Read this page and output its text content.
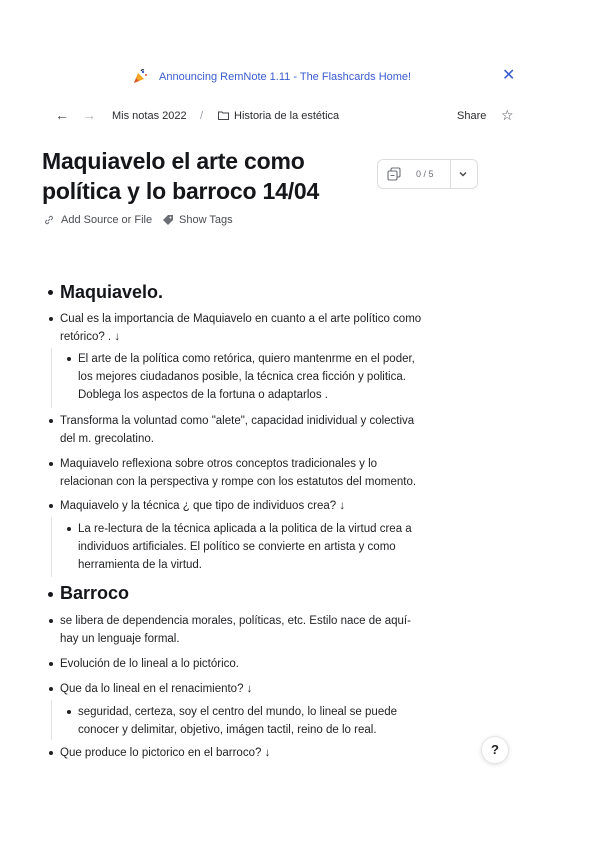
Announcing RemNote 1.11 - The Flashcards Home!	✕
← → Mis notas 2022 /	Historia de la estética	Share ☆
Maquiavelo el arte como política y lo barroco 14/04
0 / 5
Add Source or File Show Tags
Maquiavelo.
Cual es la importancia de Maquiavelo en cuanto a el arte político como
retórico? . ↓
El arte de la política como retórica, quiero mantenrme en el poder,
los mejores ciudadanos posible, la técnica crea ficción y politica.
Doblega los aspectos de la fortuna o adaptarlos .
Transforma la voluntad como "alete", capacidad inidividual y colectiva
del m. grecolatino.
Maquiavelo reflexiona sobre otros conceptos tradicionales y lo
relacionan con la perspectiva y rompe con los estatutos del momento.
Maquiavelo y la técnica ¿ que tipo de individuos crea? ↓
La re-lectura de la técnica aplicada a la politica de la virtud crea a
individuos artificiales. El político se convierte en artista y como
herramienta de la virtud.
Barroco
se libera de dependencia morales, políticas, etc. Estilo nace de aquí-
hay un lenguaje formal.
Evolución de lo lineal a lo pictórico.
Que da lo lineal en el renacimiento? ↓
seguridad, certeza, soy el centro del mundo, lo lineal se puede
conocer y delimitar, objetivo, imágen tactil, reino de lo real.
Que produce lo pictorico en el barroco? ↓	?
